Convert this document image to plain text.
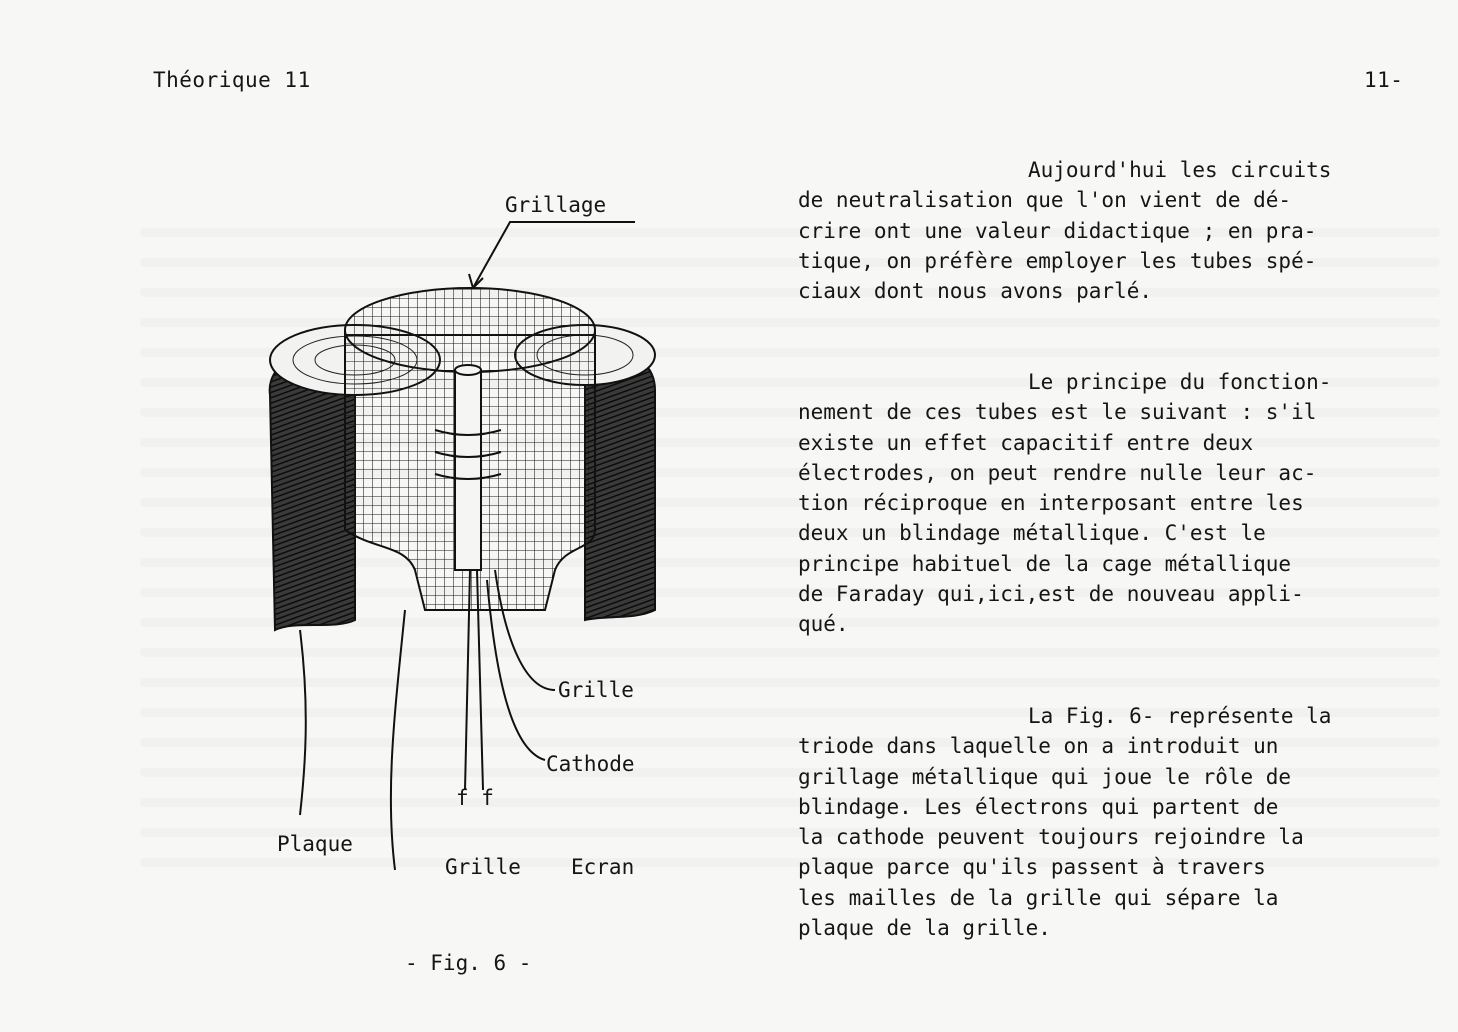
Théorique 11	11-
Grillage
Grille
Cathode
f f
Plaque
Grille Ecran
- Fig. 6 -
Aujourd'hui les circuits
de neutralisation que l'on vient de dé-
crire ont une valeur didactique ; en pra-
tique, on préfère employer les tubes spé-
ciaux dont nous avons parlé.
Le principe du fonction-
nement de ces tubes est le suivant : s'il
existe un effet capacitif entre deux
électrodes, on peut rendre nulle leur ac-
tion réciproque en interposant entre les
deux un blindage métallique. C'est le
principe habituel de la cage métallique
de Faraday qui,ici,est de nouveau appli-
qué.
La Fig. 6- représente la
triode dans laquelle on a introduit un
grillage métallique qui joue le rôle de
blindage. Les électrons qui partent de
la cathode peuvent toujours rejoindre la
plaque parce qu'ils passent à travers
les mailles de la grille qui sépare la
plaque de la grille.
